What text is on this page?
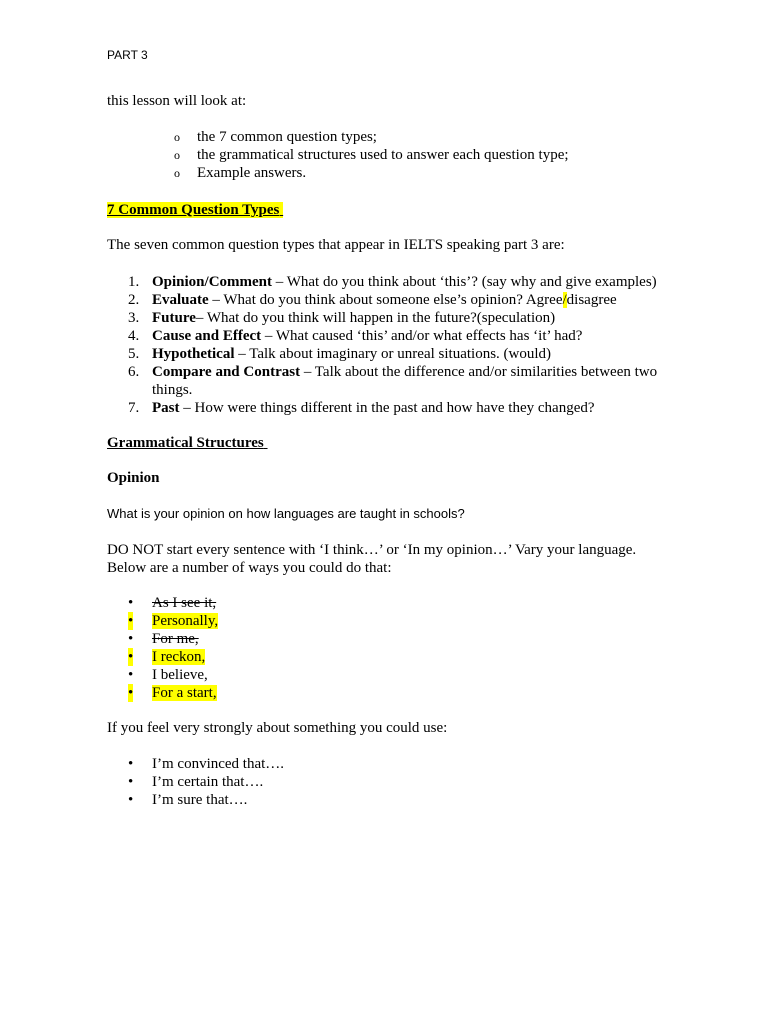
PART 3
this lesson will look at:
o the 7 common question types;
o the grammatical structures used to answer each question type;
o Example answers.
7 Common Question Types
The seven common question types that appear in IELTS speaking part 3 are:
1. Opinion/Comment – What do you think about ‘this’? (say why and give examples)
2. Evaluate – What do you think about someone else’s opinion? Agree/disagree
3. Future– What do you think will happen in the future?(speculation)
4. Cause and Effect – What caused ‘this’ and/or what effects has ‘it’ had?
5. Hypothetical – Talk about imaginary or unreal situations. (would)
6. Compare and Contrast – Talk about the difference and/or similarities between two things.
7. Past – How were things different in the past and how have they changed?
Grammatical Structures
Opinion
What is your opinion on how languages are taught in schools?
DO NOT start every sentence with ‘I think…’ or ‘In my opinion…’ Vary your language. Below are a number of ways you could do that:
• As I see it,
• Personally,
• For me,
• I reckon,
• I believe,
• For a start,
If you feel very strongly about something you could use:
• I’m convinced that….
• I’m certain that….
• I’m sure that….
